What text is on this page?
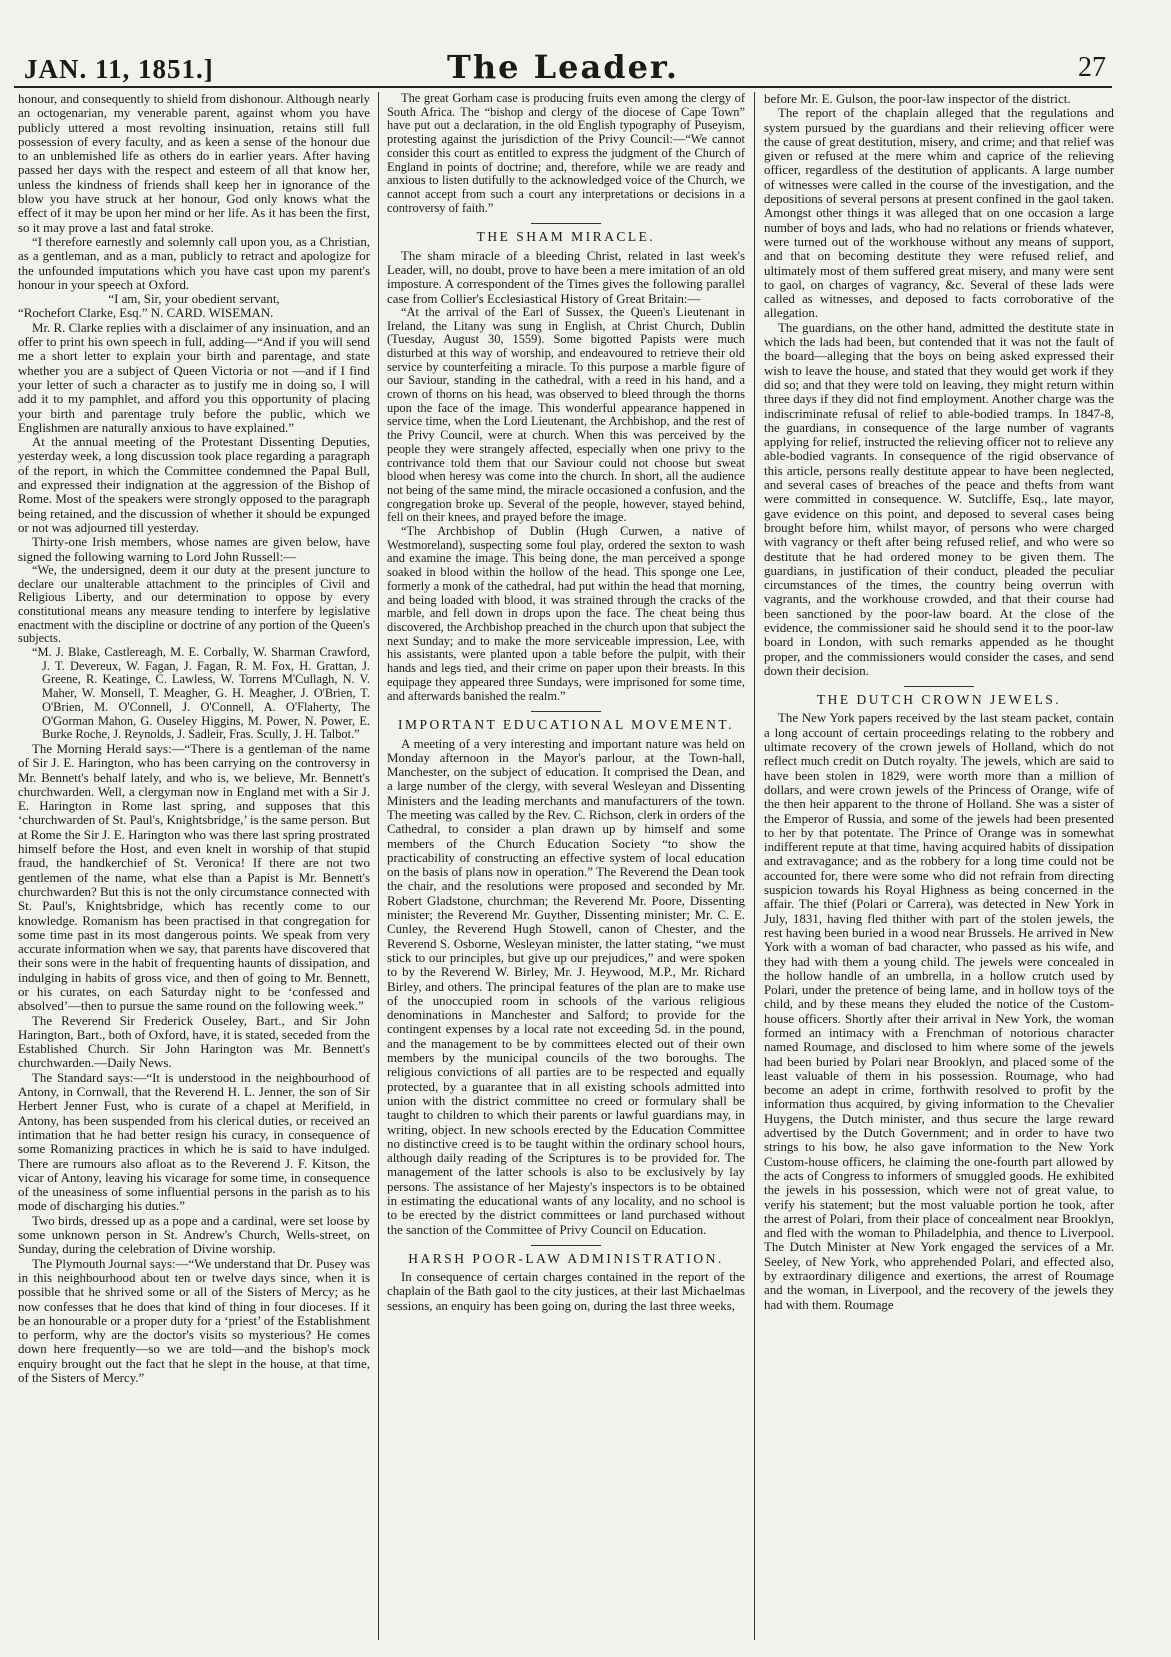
JAN. 11, 1851.]	The Leader.	27

honour, and consequently to shield from dishonour. Although nearly an octogenarian, my venerable parent, against whom you have publicly uttered a most revolting insinuation, retains still full possession of every faculty, and as keen a sense of the honour due to an unblemished life as others do in earlier years. After having passed her days with the respect and esteem of all that know her, unless the kindness of friends shall keep her in ignorance of the blow you have struck at her honour, God only knows what the effect of it may be upon her mind or her life. As it has been the first, so it may prove a last and fatal stroke.

“I therefore earnestly and solemnly call upon you, as a Christian, as a gentleman, and as a man, publicly to retract and apologize for the unfounded imputations which you have cast upon my parent's honour in your speech at Oxford.

“I am, Sir, your obedient servant,

“Rochefort Clarke, Esq.” N. CARD. WISEMAN.

Mr. R. Clarke replies with a disclaimer of any insinuation, and an offer to print his own speech in full, adding—“And if you will send me a short letter to explain your birth and parentage, and state whether you are a subject of Queen Victoria or not —and if I find your letter of such a character as to justify me in doing so, I will add it to my pamphlet, and afford you this opportunity of placing your birth and parentage truly before the public, which we Englishmen are naturally anxious to have explained.”

At the annual meeting of the Protestant Dissenting Deputies, yesterday week, a long discussion took place regarding a paragraph of the report, in which the Committee condemned the Papal Bull, and expressed their indignation at the aggression of the Bishop of Rome. Most of the speakers were strongly opposed to the paragraph being retained, and the discussion of whether it should be expunged or not was adjourned till yesterday.

Thirty-one Irish members, whose names are given below, have signed the following warning to Lord John Russell:—

“We, the undersigned, deem it our duty at the present juncture to declare our unalterable attachment to the principles of Civil and Religious Liberty, and our determination to oppose by every constitutional means any measure tending to interfere by legislative enactment with the discipline or doctrine of any portion of the Queen's subjects.

“M. J. Blake, Castlereagh, M. E. Corbally, W. Sharman Crawford, J. T. Devereux, W. Fagan, J. Fagan, R. M. Fox, H. Grattan, J. Greene, R. Keatinge, C. Lawless, W. Torrens M'Cullagh, N. V. Maher, W. Monsell, T. Meagher, G. H. Meagher, J. O'Brien, T. O'Brien, M. O'Connell, J. O'Connell, A. O'Flaherty, The O'Gorman Mahon, G. Ouseley Higgins, M. Power, N. Power, E. Burke Roche, J. Reynolds, J. Sadleir, Fras. Scully, J. H. Talbot.”

The Morning Herald says:—“There is a gentleman of the name of Sir J. E. Harington, who has been carrying on the controversy in Mr. Bennett's behalf lately, and who is, we believe, Mr. Bennett's churchwarden. Well, a clergyman now in England met with a Sir J. E. Harington in Rome last spring, and supposes that this ‘churchwarden of St. Paul's, Knightsbridge,’ is the same person. But at Rome the Sir J. E. Harington who was there last spring prostrated himself before the Host, and even knelt in worship of that stupid fraud, the handkerchief of St. Veronica! If there are not two gentlemen of the name, what else than a Papist is Mr. Bennett's churchwarden? But this is not the only circumstance connected with St. Paul's, Knightsbridge, which has recently come to our knowledge. Romanism has been practised in that congregation for some time past in its most dangerous points. We speak from very accurate information when we say, that parents have discovered that their sons were in the habit of frequenting haunts of dissipation, and indulging in habits of gross vice, and then of going to Mr. Bennett, or his curates, on each Saturday night to be ‘confessed and absolved’—then to pursue the same round on the following week.”

The Reverend Sir Frederick Ouseley, Bart., and Sir John Harington, Bart., both of Oxford, have, it is stated, seceded from the Established Church. Sir John Harington was Mr. Bennett's churchwarden.—Daily News.

The Standard says:—“It is understood in the neighbourhood of Antony, in Cornwall, that the Reverend H. L. Jenner, the son of Sir Herbert Jenner Fust, who is curate of a chapel at Merifield, in Antony, has been suspended from his clerical duties, or received an intimation that he had better resign his curacy, in consequence of some Romanizing practices in which he is said to have indulged. There are rumours also afloat as to the Reverend J. F. Kitson, the vicar of Antony, leaving his vicarage for some time, in consequence of the uneasiness of some influential persons in the parish as to his mode of discharging his duties.”

Two birds, dressed up as a pope and a cardinal, were set loose by some unknown person in St. Andrew's Church, Wells-street, on Sunday, during the celebration of Divine worship.

The Plymouth Journal says:—“We understand that Dr. Pusey was in this neighbourhood about ten or twelve days since, when it is possible that he shrived some or all of the Sisters of Mercy; as he now confesses that he does that kind of thing in four dioceses. If it be an honourable or a proper duty for a ‘priest’ of the Establishment to perform, why are the doctor's visits so mysterious? He comes down here frequently—so we are told—and the bishop's mock enquiry brought out the fact that he slept in the house, at that time, of the Sisters of Mercy.”

The great Gorham case is producing fruits even among the clergy of South Africa. The “bishop and clergy of the diocese of Cape Town” have put out a declaration, in the old English typography of Puseyism, protesting against the jurisdiction of the Privy Council:—“We cannot consider this court as entitled to express the judgment of the Church of England in points of doctrine; and, therefore, while we are ready and anxious to listen dutifully to the acknowledged voice of the Church, we cannot accept from such a court any interpretations or decisions in a controversy of faith.”

THE SHAM MIRACLE.

The sham miracle of a bleeding Christ, related in last week's Leader, will, no doubt, prove to have been a mere imitation of an old imposture. A correspondent of the Times gives the following parallel case from Collier's Ecclesiastical History of Great Britain:—

“At the arrival of the Earl of Sussex, the Queen's Lieutenant in Ireland, the Litany was sung in English, at Christ Church, Dublin (Tuesday, August 30, 1559). Some bigotted Papists were much disturbed at this way of worship, and endeavoured to retrieve their old service by counterfeiting a miracle. To this purpose a marble figure of our Saviour, standing in the cathedral, with a reed in his hand, and a crown of thorns on his head, was observed to bleed through the thorns upon the face of the image. This wonderful appearance happened in service time, when the Lord Lieutenant, the Archbishop, and the rest of the Privy Council, were at church. When this was perceived by the people they were strangely affected, especially when one privy to the contrivance told them that our Saviour could not choose but sweat blood when heresy was come into the church. In short, all the audience not being of the same mind, the miracle occasioned a confusion, and the congregation broke up. Several of the people, however, stayed behind, fell on their knees, and prayed before the image.

“The Archbishop of Dublin (Hugh Curwen, a native of Westmoreland), suspecting some foul play, ordered the sexton to wash and examine the image. This being done, the man perceived a sponge soaked in blood within the hollow of the head. This sponge one Lee, formerly a monk of the cathedral, had put within the head that morning, and being loaded with blood, it was strained through the cracks of the marble, and fell down in drops upon the face. The cheat being thus discovered, the Archbishop preached in the church upon that subject the next Sunday; and to make the more serviceable impression, Lee, with his assistants, were planted upon a table before the pulpit, with their hands and legs tied, and their crime on paper upon their breasts. In this equipage they appeared three Sundays, were imprisoned for some time, and afterwards banished the realm.”

IMPORTANT EDUCATIONAL MOVEMENT.

A meeting of a very interesting and important nature was held on Monday afternoon in the Mayor's parlour, at the Town-hall, Manchester, on the subject of education. It comprised the Dean, and a large number of the clergy, with several Wesleyan and Dissenting Ministers and the leading merchants and manufacturers of the town. The meeting was called by the Rev. C. Richson, clerk in orders of the Cathedral, to consider a plan drawn up by himself and some members of the Church Education Society “to show the practicability of constructing an effective system of local education on the basis of plans now in operation.” The Reverend the Dean took the chair, and the resolutions were proposed and seconded by Mr. Robert Gladstone, churchman; the Reverend Mr. Poore, Dissenting minister; the Reverend Mr. Guyther, Dissenting minister; Mr. C. E. Cunley, the Reverend Hugh Stowell, canon of Chester, and the Reverend S. Osborne, Wesleyan minister, the latter stating, “we must stick to our principles, but give up our prejudices,” and were spoken to by the Reverend W. Birley, Mr. J. Heywood, M.P., Mr. Richard Birley, and others. The principal features of the plan are to make use of the unoccupied room in schools of the various religious denominations in Manchester and Salford; to provide for the contingent expenses by a local rate not exceeding 5d. in the pound, and the management to be by committees elected out of their own members by the municipal councils of the two boroughs. The religious convictions of all parties are to be respected and equally protected, by a guarantee that in all existing schools admitted into union with the district committee no creed or formulary shall be taught to children to which their parents or lawful guardians may, in writing, object. In new schools erected by the Education Committee no distinctive creed is to be taught within the ordinary school hours, although daily reading of the Scriptures is to be provided for. The management of the latter schools is also to be exclusively by lay persons. The assistance of her Majesty's inspectors is to be obtained in estimating the educational wants of any locality, and no school is to be erected by the district committees or land purchased without the sanction of the Committee of Privy Council on Education.

HARSH POOR-LAW ADMINISTRATION.

In consequence of certain charges contained in the report of the chaplain of the Bath gaol to the city justices, at their last Michaelmas sessions, an enquiry has been going on, during the last three weeks,

before Mr. E. Gulson, the poor-law inspector of the district.

The report of the chaplain alleged that the regulations and system pursued by the guardians and their relieving officer were the cause of great destitution, misery, and crime; and that relief was given or refused at the mere whim and caprice of the relieving officer, regardless of the destitution of applicants. A large number of witnesses were called in the course of the investigation, and the depositions of several persons at present confined in the gaol taken. Amongst other things it was alleged that on one occasion a large number of boys and lads, who had no relations or friends whatever, were turned out of the workhouse without any means of support, and that on becoming destitute they were refused relief, and ultimately most of them suffered great misery, and many were sent to gaol, on charges of vagrancy, &c. Several of these lads were called as witnesses, and deposed to facts corroborative of the allegation.

The guardians, on the other hand, admitted the destitute state in which the lads had been, but contended that it was not the fault of the board—alleging that the boys on being asked expressed their wish to leave the house, and stated that they would get work if they did so; and that they were told on leaving, they might return within three days if they did not find employment. Another charge was the indiscriminate refusal of relief to able-bodied tramps. In 1847-8, the guardians, in consequence of the large number of vagrants applying for relief, instructed the relieving officer not to relieve any able-bodied vagrants. In consequence of the rigid observance of this article, persons really destitute appear to have been neglected, and several cases of breaches of the peace and thefts from want were committed in consequence. W. Sutcliffe, Esq., late mayor, gave evidence on this point, and deposed to several cases being brought before him, whilst mayor, of persons who were charged with vagrancy or theft after being refused relief, and who were so destitute that he had ordered money to be given them. The guardians, in justification of their conduct, pleaded the peculiar circumstances of the times, the country being overrun with vagrants, and the workhouse crowded, and that their course had been sanctioned by the poor-law board. At the close of the evidence, the commissioner said he should send it to the poor-law board in London, with such remarks appended as he thought proper, and the commissioners would consider the cases, and send down their decision.

THE DUTCH CROWN JEWELS.

The New York papers received by the last steam packet, contain a long account of certain proceedings relating to the robbery and ultimate recovery of the crown jewels of Holland, which do not reflect much credit on Dutch royalty. The jewels, which are said to have been stolen in 1829, were worth more than a million of dollars, and were crown jewels of the Princess of Orange, wife of the then heir apparent to the throne of Holland. She was a sister of the Emperor of Russia, and some of the jewels had been presented to her by that potentate. The Prince of Orange was in somewhat indifferent repute at that time, having acquired habits of dissipation and extravagance; and as the robbery for a long time could not be accounted for, there were some who did not refrain from directing suspicion towards his Royal Highness as being concerned in the affair. The thief (Polari or Carrera), was detected in New York in July, 1831, having fled thither with part of the stolen jewels, the rest having been buried in a wood near Brussels. He arrived in New York with a woman of bad character, who passed as his wife, and they had with them a young child. The jewels were concealed in the hollow handle of an umbrella, in a hollow crutch used by Polari, under the pretence of being lame, and in hollow toys of the child, and by these means they eluded the notice of the Custom-house officers. Shortly after their arrival in New York, the woman formed an intimacy with a Frenchman of notorious character named Roumage, and disclosed to him where some of the jewels had been buried by Polari near Brooklyn, and placed some of the least valuable of them in his possession. Roumage, who had become an adept in crime, forthwith resolved to profit by the information thus acquired, by giving information to the Chevalier Huygens, the Dutch minister, and thus secure the large reward advertised by the Dutch Government; and in order to have two strings to his bow, he also gave information to the New York Custom-house officers, he claiming the one-fourth part allowed by the acts of Congress to informers of smuggled goods. He exhibited the jewels in his possession, which were not of great value, to verify his statement; but the most valuable portion he took, after the arrest of Polari, from their place of concealment near Brooklyn, and fled with the woman to Philadelphia, and thence to Liverpool. The Dutch Minister at New York engaged the services of a Mr. Seeley, of New York, who apprehended Polari, and effected also, by extraordinary diligence and exertions, the arrest of Roumage and the woman, in Liverpool, and the recovery of the jewels they had with them. Roumage
